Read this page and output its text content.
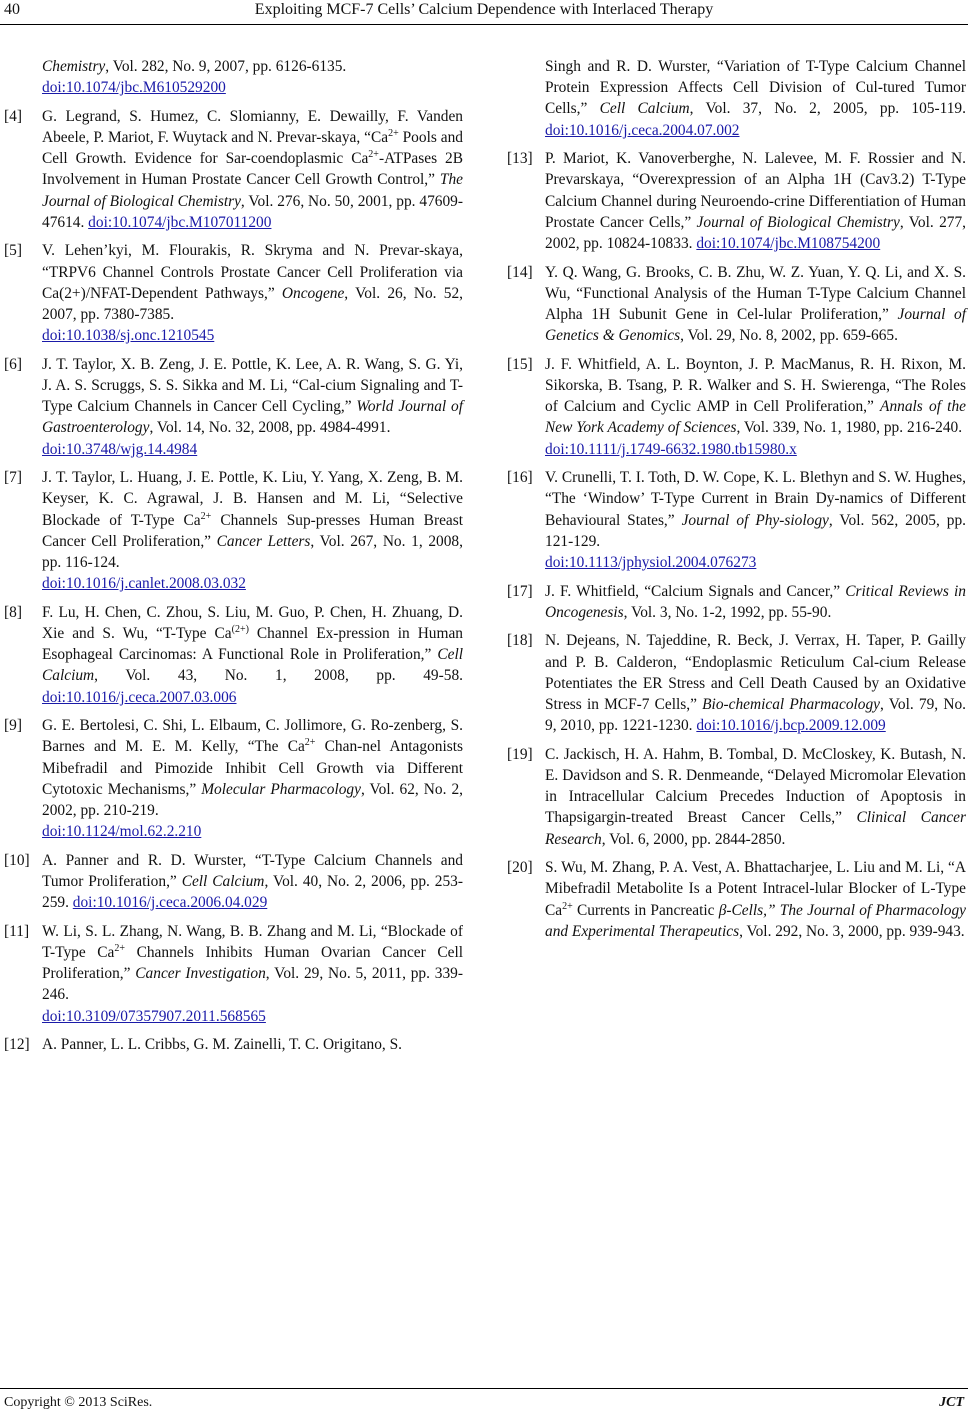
40	Exploiting MCF-7 Cells’ Calcium Dependence with Interlaced Therapy
Chemistry, Vol. 282, No. 9, 2007, pp. 6126-6135.
doi:10.1074/jbc.M610529200
[4] G. Legrand, S. Humez, C. Slomianny, E. Dewailly, F. Vanden Abeele, P. Mariot, F. Wuytack and N. Prevar-skaya, “$Ca^{2+}$ Pools and Cell Growth. Evidence for Sar-coendoplasmic $Ca^{2+}$-ATPases 2B Involvement in Human Prostate Cancer Cell Growth Control,” The Journal of Biological Chemistry, Vol. 276, No. 50, 2001, pp. 47609-47614. doi:10.1074/jbc.M107011200
[5] V. Lehen’kyi, M. Flourakis, R. Skryma and N. Prevar-skaya, “TRPV6 Channel Controls Prostate Cancer Cell Proliferation via Ca(2+)/NFAT-Dependent Pathways,” Oncogene, Vol. 26, No. 52, 2007, pp. 7380-7385.
doi:10.1038/sj.onc.1210545
[6] J. T. Taylor, X. B. Zeng, J. E. Pottle, K. Lee, A. R. Wang, S. G. Yi, J. A. S. Scruggs, S. S. Sikka and M. Li, “Cal-cium Signaling and T-Type Calcium Channels in Cancer Cell Cycling,” World Journal of Gastroenterology, Vol. 14, No. 32, 2008, pp. 4984-4991.
doi:10.3748/wjg.14.4984
[7] J. T. Taylor, L. Huang, J. E. Pottle, K. Liu, Y. Yang, X. Zeng, B. M. Keyser, K. C. Agrawal, J. B. Hansen and M. Li, “Selective Blockade of T-Type $Ca^{2+}$ Channels Sup-presses Human Breast Cancer Cell Proliferation,” Cancer Letters, Vol. 267, No. 1, 2008, pp. 116-124.
doi:10.1016/j.canlet.2008.03.032
[8] F. Lu, H. Chen, C. Zhou, S. Liu, M. Guo, P. Chen, H. Zhuang, D. Xie and S. Wu, “T-Type $Ca^{(2+)}$ Channel Ex-pression in Human Esophageal Carcinomas: A Functional Role in Proliferation,” Cell Calcium, Vol. 43, No. 1, 2008, pp. 49-58. doi:10.1016/j.ceca.2007.03.006
[9] G. E. Bertolesi, C. Shi, L. Elbaum, C. Jollimore, G. Ro-zenberg, S. Barnes and M. E. M. Kelly, “The $Ca^{2+}$ Chan-nel Antagonists Mibefradil and Pimozide Inhibit Cell Growth via Different Cytotoxic Mechanisms,” Molecular Pharmacology, Vol. 62, No. 2, 2002, pp. 210-219.
doi:10.1124/mol.62.2.210
[10] A. Panner and R. D. Wurster, “T-Type Calcium Channels and Tumor Proliferation,” Cell Calcium, Vol. 40, No. 2, 2006, pp. 253-259. doi:10.1016/j.ceca.2006.04.029
[11] W. Li, S. L. Zhang, N. Wang, B. B. Zhang and M. Li, “Blockade of T-Type $Ca^{2+}$ Channels Inhibits Human Ovarian Cancer Cell Proliferation,” Cancer Investigation, Vol. 29, No. 5, 2011, pp. 339-246.
doi:10.3109/07357907.2011.568565
[12] A. Panner, L. L. Cribbs, G. M. Zainelli, T. C. Origitano, S.
Singh and R. D. Wurster, “Variation of T-Type Calcium Channel Protein Expression Affects Cell Division of Cul-tured Tumor Cells,” Cell Calcium, Vol. 37, No. 2, 2005, pp. 105-119. doi:10.1016/j.ceca.2004.07.002
[13] P. Mariot, K. Vanoverberghe, N. Lalevee, M. F. Rossier and N. Prevarskaya, “Overexpression of an Alpha 1H (Cav3.2) T-Type Calcium Channel during Neuroendo-crine Differentiation of Human Prostate Cancer Cells,” Journal of Biological Chemistry, Vol. 277, 2002, pp. 10824-10833. doi:10.1074/jbc.M108754200
[14] Y. Q. Wang, G. Brooks, C. B. Zhu, W. Z. Yuan, Y. Q. Li, and X. S. Wu, “Functional Analysis of the Human T-Type Calcium Channel Alpha 1H Subunit Gene in Cel-lular Proliferation,” Journal of Genetics & Genomics, Vol. 29, No. 8, 2002, pp. 659-665.
[15] J. F. Whitfield, A. L. Boynton, J. P. MacManus, R. H. Rixon, M. Sikorska, B. Tsang, P. R. Walker and S. H. Swierenga, “The Roles of Calcium and Cyclic AMP in Cell Proliferation,” Annals of the New York Academy of Sciences, Vol. 339, No. 1, 1980, pp. 216-240.
doi:10.1111/j.1749-6632.1980.tb15980.x
[16] V. Crunelli, T. I. Toth, D. W. Cope, K. L. Blethyn and S. W. Hughes, “The ‘Window’ T-Type Current in Brain Dy-namics of Different Behavioural States,” Journal of Phy-siology, Vol. 562, 2005, pp. 121-129.
doi:10.1113/jphysiol.2004.076273
[17] J. F. Whitfield, “Calcium Signals and Cancer,” Critical Reviews in Oncogenesis, Vol. 3, No. 1-2, 1992, pp. 55-90.
[18] N. Dejeans, N. Tajeddine, R. Beck, J. Verrax, H. Taper, P. Gailly and P. B. Calderon, “Endoplasmic Reticulum Cal-cium Release Potentiates the ER Stress and Cell Death Caused by an Oxidative Stress in MCF-7 Cells,” Bio-chemical Pharmacology, Vol. 79, No. 9, 2010, pp. 1221-1230. doi:10.1016/j.bcp.2009.12.009
[19] C. Jackisch, H. A. Hahm, B. Tombal, D. McCloskey, K. Butash, N. E. Davidson and S. R. Denmeande, “Delayed Micromolar Elevation in Intracellular Calcium Precedes Induction of Apoptosis in Thapsigargin-treated Breast Cancer Cells,” Clinical Cancer Research, Vol. 6, 2000, pp. 2844-2850.
[20] S. Wu, M. Zhang, P. A. Vest, A. Bhattacharjee, L. Liu and M. Li, “A Mibefradil Metabolite Is a Potent Intracel-lular Blocker of L-Type $Ca^{2+}$ Currents in Pancreatic β-Cells,” The Journal of Pharmacology and Experimental Therapeutics, Vol. 292, No. 3, 2000, pp. 939-943.
Copyright © 2013 SciRes.	JCT
